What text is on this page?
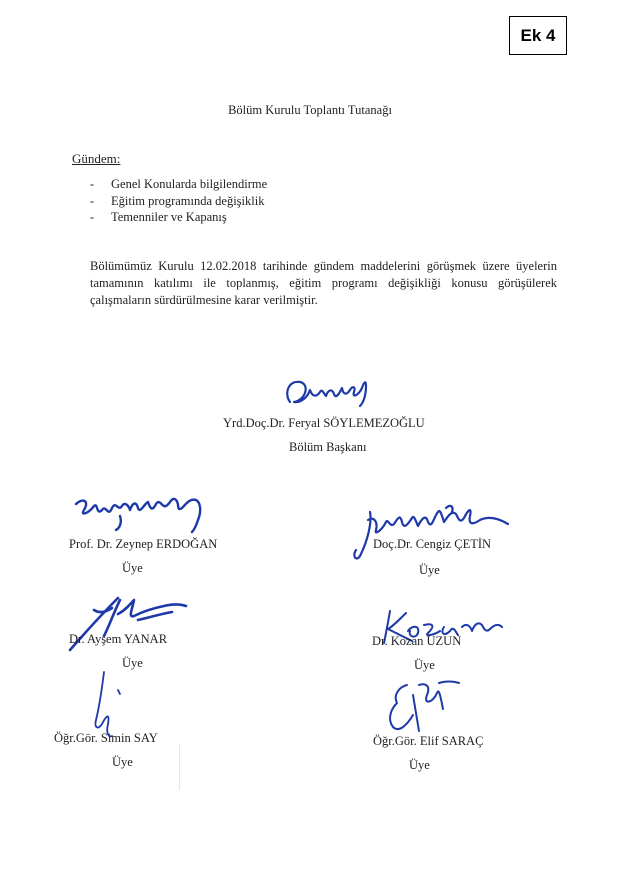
Ek 4
Bölüm Kurulu Toplantı Tutanağı
Gündem:
- Genel Konularda bilgilendirme
- Eğitim programında değişiklik
- Temenniler ve Kapanış

Bölümümüz Kurulu 12.02.2018 tarihinde gündem maddelerini görüşmek üzere üyelerin
tamamının katılımı ile toplanmış, eğitim programı değişikliği konusu görüşülerek
çalışmaların sürdürülmesine karar verilmiştir.

Yrd.Doç.Dr. Feryal SÖYLEMEZOĞLU
Bölüm Başkanı
Prof. Dr. Zeynep ERDOĞAN
Üye
Doç.Dr. Cengiz ÇETİN
Üye
Dr. Ayşem YANAR
Üye
Dr. Kozan UZUN
Üye
Öğr.Gör. Simin SAY
Üye
Öğr.Gör. Elif SARAÇ
Üye
